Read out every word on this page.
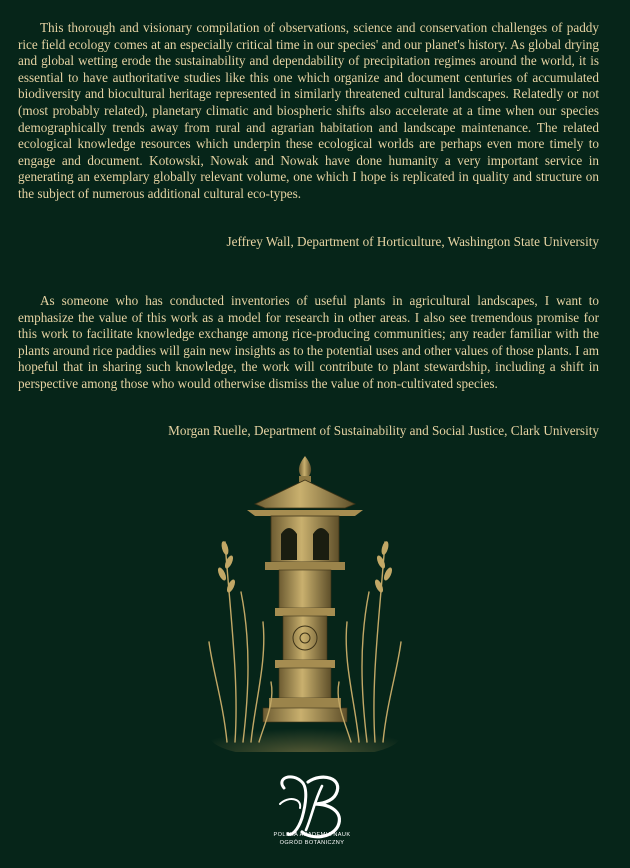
This thorough and visionary compilation of observations, science and conservation challenges of paddy rice field ecology comes at an especially critical time in our species' and our planet's history. As global drying and global wetting erode the sustainability and dependability of precipitation regimes around the world, it is essential to have authoritative studies like this one which organize and document centuries of accumulated biodiversity and biocultural heritage represented in similarly threatened cultural landscapes. Relatedly or not (most probably related), planetary climatic and biospheric shifts also accelerate at a time when our species demographically trends away from rural and agrarian habitation and landscape maintenance. The related ecological knowledge resources which underpin these ecological worlds are perhaps even more timely to engage and document. Kotowski, Nowak and Nowak have done humanity a very important service in generating an exemplary globally relevant volume, one which I hope is replicated in quality and structure on the subject of numerous additional cultural eco-types.

Jeffrey Wall, Department of Horticulture, Washington State University

As someone who has conducted inventories of useful plants in agricultural landscapes, I want to emphasize the value of this work as a model for research in other areas. I also see tremendous promise for this work to facilitate knowledge exchange among rice-producing communities; any reader familiar with the plants around rice paddies will gain new insights as to the potential uses and other values of those plants. I am hopeful that in sharing such knowledge, the work will contribute to plant stewardship, including a shift in perspective among those who would otherwise dismiss the value of non-cultivated species.

Morgan Ruelle, Department of Sustainability and Social Justice, Clark University
POLSKA AKADEMIA NAUK
OGRÓD BOTANICZNY
